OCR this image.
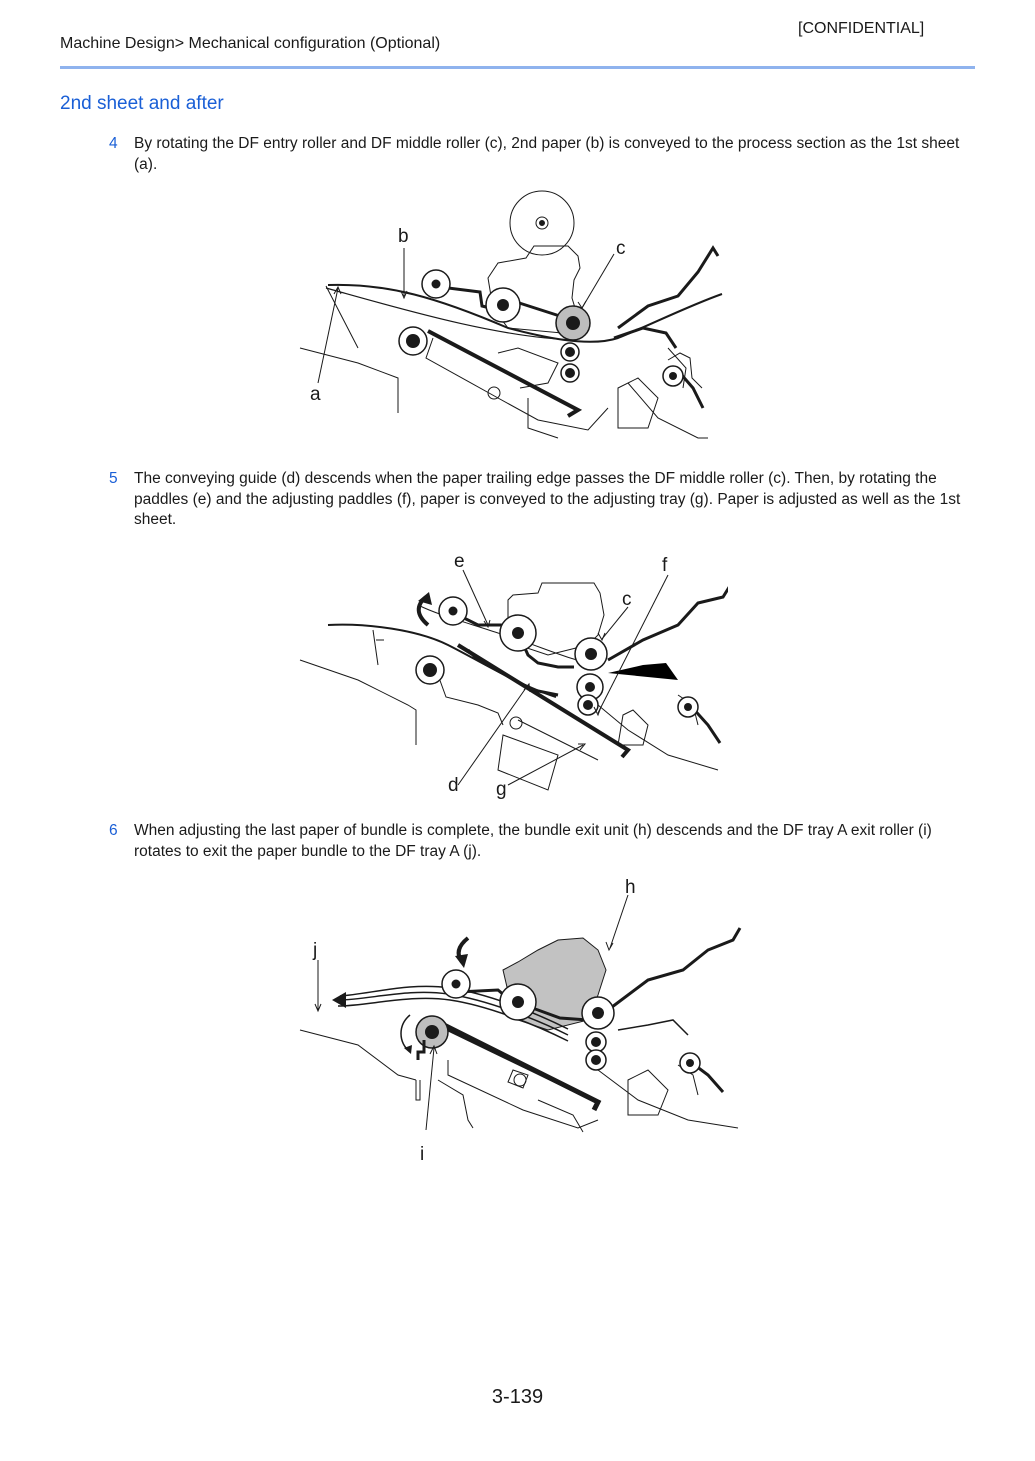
[CONFIDENTIAL]
Machine Design> Mechanical configuration (Optional)
2nd sheet and after
4 By rotating the DF entry roller and DF middle roller (c), 2nd paper (b) is conveyed to the process section as the 1st sheet (a).
b
c
a
5 The conveying guide (d) descends when the paper trailing edge passes the DF middle roller (c). Then, by rotating the paddles (e) and the adjusting paddles (f), paper is conveyed to the adjusting tray (g). Paper is adjusted as well as the 1st sheet.
e	f
c
d g
6 When adjusting the last paper of bundle is complete, the bundle exit unit (h) descends and the DF tray A exit roller (i) rotates to exit the paper bundle to the DF tray A (j).
h
j
i
3-139
